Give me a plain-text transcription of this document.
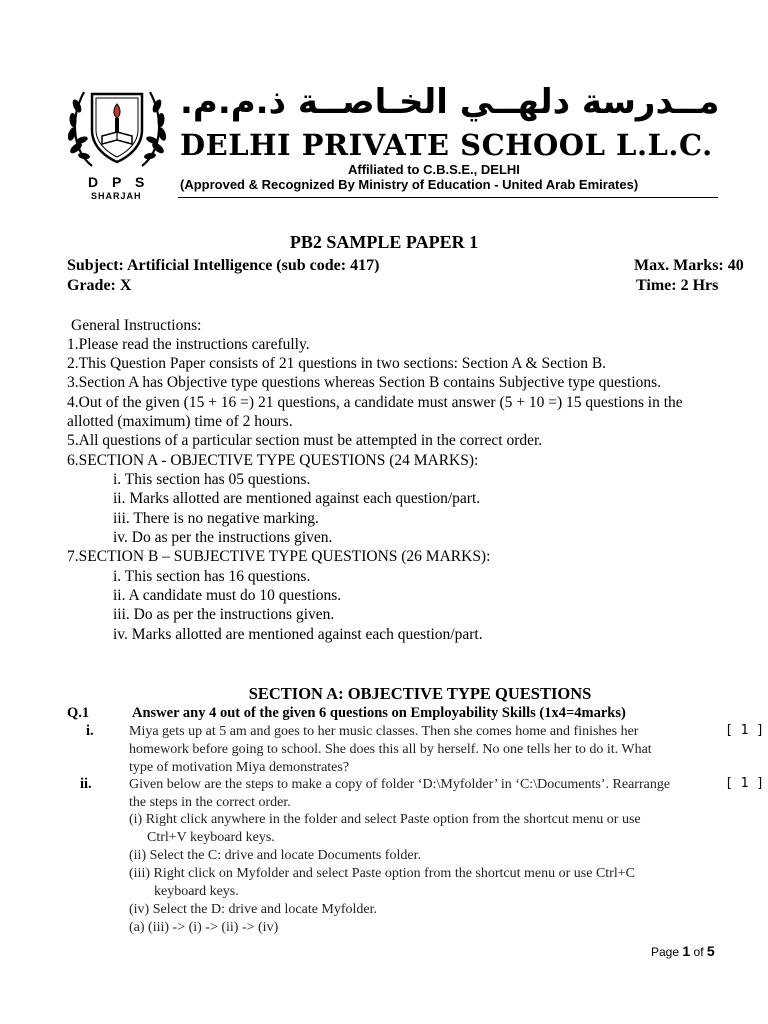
مــدرسة دلهــي الخـاصــة ذ.م.م.
DELHI PRIVATE SCHOOL L.L.C.
Affiliated to C.B.S.E., DELHI
(Approved & Recognized By Ministry of Education - United Arab Emirates)
D P S
SHARJAH
PB2 SAMPLE PAPER 1
Subject: Artificial Intelligence (sub code: 417)	Max. Marks: 40
Grade: X	Time: 2 Hrs
General Instructions:
1.Please read the instructions carefully.
2.This Question Paper consists of 21 questions in two sections: Section A & Section B.
3.Section A has Objective type questions whereas Section B contains Subjective type questions.
4.Out of the given (15 + 16 =) 21 questions, a candidate must answer (5 + 10 =) 15 questions in the
allotted (maximum) time of 2 hours.
5.All questions of a particular section must be attempted in the correct order.
6.SECTION A - OBJECTIVE TYPE QUESTIONS (24 MARKS):
i. This section has 05 questions.
ii. Marks allotted are mentioned against each question/part.
iii. There is no negative marking.
iv. Do as per the instructions given.
7.SECTION B – SUBJECTIVE TYPE QUESTIONS (26 MARKS):
i. This section has 16 questions.
ii. A candidate must do 10 questions.
iii. Do as per the instructions given.
iv. Marks allotted are mentioned against each question/part.
SECTION A: OBJECTIVE TYPE QUESTIONS
Q.1	Answer any 4 out of the given 6 questions on Employability Skills (1x4=4marks)
i.	Miya gets up at 5 am and goes to her music classes. Then she comes home and finishes her
homework before going to school. She does this all by herself. No one tells her to do it. What
type of motivation Miya demonstrates?
[ 1 ]
ii.	Given below are the steps to make a copy of folder ‘D:\Myfolder’ in ‘C:\Documents’. Rearrange
the steps in the correct order.
[ 1 ]
(i) Right click anywhere in the folder and select Paste option from the shortcut menu or use
Ctrl+V keyboard keys.
(ii) Select the C: drive and locate Documents folder.
(iii) Right click on Myfolder and select Paste option from the shortcut menu or use Ctrl+C
keyboard keys.
(iv) Select the D: drive and locate Myfolder.
(a) (iii) -> (i) -> (ii) -> (iv)
Page 1 of 5
